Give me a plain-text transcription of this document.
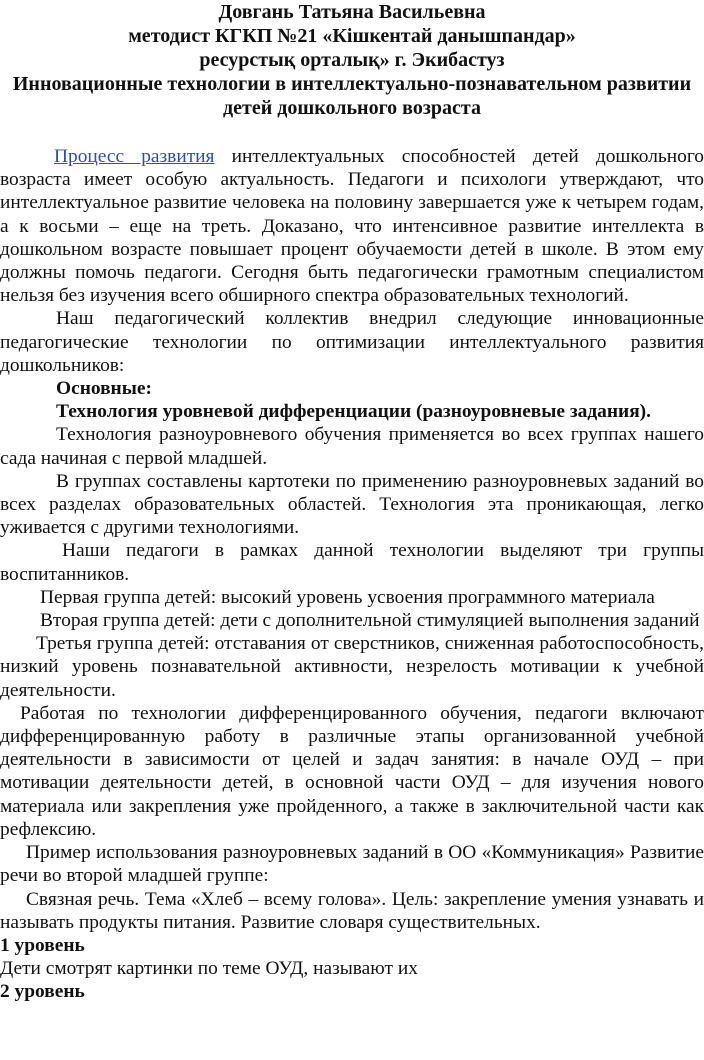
Довгань Татьяна Васильевна
методист КГКП №21 «Кішкентай данышпандар»
ресурстық орталық» г. Экибастуз
Инновационные технологии в интеллектуально-познавательном развитии
детей дошкольного возраста

Процесс развития интеллектуальных способностей детей дошкольного возраста имеет особую актуальность. Педагоги и психологи утверждают, что интеллектуальное развитие человека на половину завершается уже к четырем годам, а к восьми – еще на треть. Доказано, что интенсивное развитие интеллекта в дошкольном возрасте повышает процент обучаемости детей в школе. В этом ему должны помочь педагоги. Сегодня быть педагогически грамотным специалистом нельзя без изучения всего обширного спектра образовательных технологий.

Наш педагогический коллектив внедрил следующие инновационные педагогические технологии по оптимизации интеллектуального развития дошкольников:

Основные:

Технология уровневой дифференциации (разноуровневые задания).

Технология разноуровневого обучения применяется во всех группах нашего сада начиная с первой младшей.

В группах составлены картотеки по применению разноуровневых заданий во всех разделах образовательных областей. Технология эта проникающая, легко уживается с другими технологиями.

Наши педагоги в рамках данной технологии выделяют три группы воспитанников.

Первая группа детей: высокий уровень усвоения программного материала

Вторая группа детей: дети с дополнительной стимуляцией выполнения заданий

Третья группа детей: отставания от сверстников, сниженная работоспособность, низкий уровень познавательной активности, незрелость мотивации к учебной деятельности.

Работая по технологии дифференцированного обучения, педагоги включают дифференцированную работу в различные этапы организованной учебной деятельности в зависимости от целей и задач занятия: в начале ОУД – при мотивации деятельности детей, в основной части ОУД – для изучения нового материала или закрепления уже пройденного, а также в заключительной части как рефлексию.

Пример использования разноуровневых заданий в ОО «Коммуникация» Развитие речи во второй младшей группе:

Связная речь. Тема «Хлеб – всему голова». Цель: закрепление умения узнавать и называть продукты питания. Развитие словаря существительных.

1 уровень

Дети смотрят картинки по теме ОУД, называют их

2 уровень
